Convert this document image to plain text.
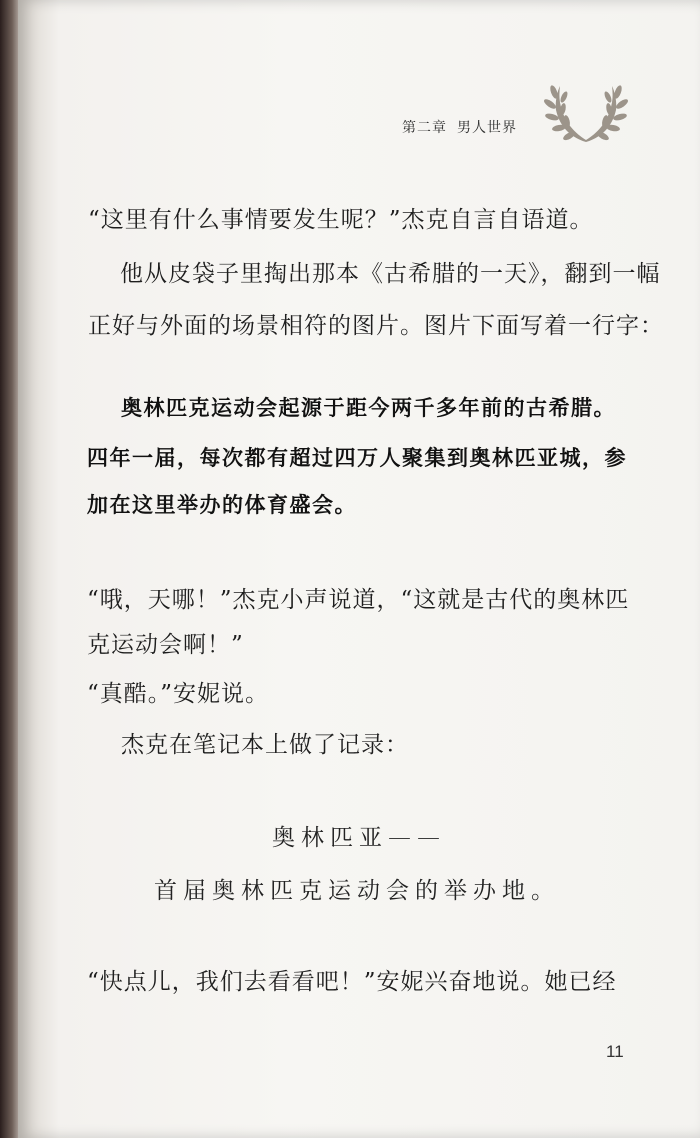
第二章 男人世界
“这里有什么事情要发生呢？”杰克自言自语道。
他从皮袋子里掏出那本《古希腊的一天》，翻到一幅
正好与外面的场景相符的图片。图片下面写着一行字：
奥林匹克运动会起源于距今两千多年前的古希腊。
四年一届，每次都有超过四万人聚集到奥林匹亚城，参
加在这里举办的体育盛会。
“哦，天哪！”杰克小声说道，“这就是古代的奥林匹
克运动会啊！”
“真酷。”安妮说。
杰克在笔记本上做了记录：
奥林匹亚——
首届奥林匹克运动会的举办地。
“快点儿，我们去看看吧！”安妮兴奋地说。她已经
11
